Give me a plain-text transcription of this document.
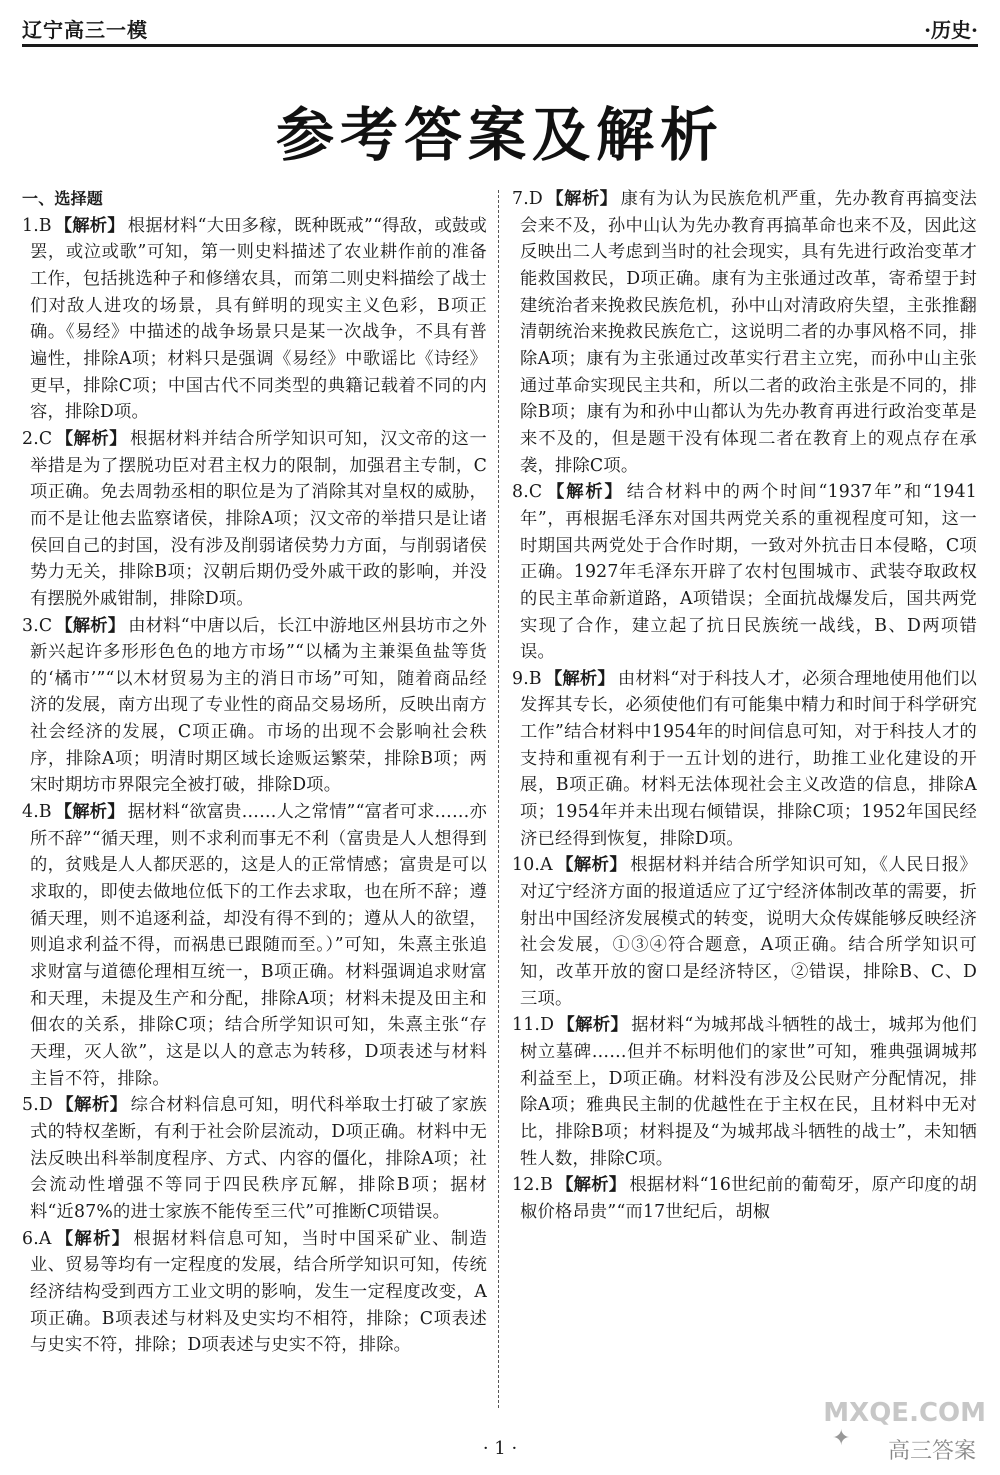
辽宁高三一模	·历史·
参考答案及解析
一、选择题
1.B 【解析】 根据材料“大田多稼，既种既戒”“得敌，或鼓或罢，或泣或歌”可知，第一则史料描述了农业耕作前的准备工作，包括挑选种子和修缮农具，而第二则史料描绘了战士们对敌人进攻的场景，具有鲜明的现实主义色彩，B项正确。《易经》中描述的战争场景只是某一次战争，不具有普遍性，排除A项；材料只是强调《易经》中歌谣比《诗经》更早，排除C项；中国古代不同类型的典籍记载着不同的内容，排除D项。
2.C 【解析】 根据材料并结合所学知识可知，汉文帝的这一举措是为了摆脱功臣对君主权力的限制，加强君主专制，C项正确。免去周勃丞相的职位是为了消除其对皇权的威胁，而不是让他去监察诸侯，排除A项；汉文帝的举措只是让诸侯回自己的封国，没有涉及削弱诸侯势力方面，与削弱诸侯势力无关，排除B项；汉朝后期仍受外戚干政的影响，并没有摆脱外戚钳制，排除D项。
3.C 【解析】 由材料“中唐以后，长江中游地区州县坊市之外新兴起许多形形色色的地方市场”“以橘为主兼渠鱼盐等货的‘橘市’”“以木材贸易为主的消日市场”可知，随着商品经济的发展，南方出现了专业性的商品交易场所，反映出南方社会经济的发展，C项正确。市场的出现不会影响社会秩序，排除A项；明清时期区域长途贩运繁荣，排除B项；两宋时期坊市界限完全被打破，排除D项。
4.B 【解析】 据材料“欲富贵……人之常情”“富者可求……亦所不辞”“循天理，则不求利而事无不利（富贵是人人想得到的，贫贱是人人都厌恶的，这是人的正常情感；富贵是可以求取的，即使去做地位低下的工作去求取，也在所不辞；遵循天理，则不追逐利益，却没有得不到的；遵从人的欲望，则追求利益不得，而祸患已跟随而至。）”可知，朱熹主张追求财富与道德伦理相互统一，B项正确。材料强调追求财富和天理，未提及生产和分配，排除A项；材料未提及田主和佃农的关系，排除C项；结合所学知识可知，朱熹主张“存天理，灭人欲”，这是以人的意志为转移，D项表述与材料主旨不符，排除。
5.D 【解析】 综合材料信息可知，明代科举取士打破了家族式的特权垄断，有利于社会阶层流动，D项正确。材料中无法反映出科举制度程序、方式、内容的僵化，排除A项；社会流动性增强不等同于四民秩序瓦解，排除B项；据材料“近87%的进士家族不能传至三代”可推断C项错误。
6.A 【解析】 根据材料信息可知，当时中国采矿业、制造业、贸易等均有一定程度的发展，结合所学知识可知，传统经济结构受到西方工业文明的影响，发生一定程度改变，A项正确。B项表述与材料及史实均不相符，排除；C项表述与史实不符，排除；D项表述与史实不符，排除。
7.D 【解析】 康有为认为民族危机严重，先办教育再搞变法会来不及，孙中山认为先办教育再搞革命也来不及，因此这反映出二人考虑到当时的社会现实，具有先进行政治变革才能救国救民，D项正确。康有为主张通过改革，寄希望于封建统治者来挽救民族危机，孙中山对清政府失望，主张推翻清朝统治来挽救民族危亡，这说明二者的办事风格不同，排除A项；康有为主张通过改革实行君主立宪，而孙中山主张通过革命实现民主共和，所以二者的政治主张是不同的，排除B项；康有为和孙中山都认为先办教育再进行政治变革是来不及的，但是题干没有体现二者在教育上的观点存在承袭，排除C项。
8.C 【解析】 结合材料中的两个时间“1937年”和“1941年”，再根据毛泽东对国共两党关系的重视程度可知，这一时期国共两党处于合作时期，一致对外抗击日本侵略，C项正确。1927年毛泽东开辟了农村包围城市、武装夺取政权的民主革命新道路，A项错误；全面抗战爆发后，国共两党实现了合作，建立起了抗日民族统一战线，B、D两项错误。
9.B 【解析】 由材料“对于科技人才，必须合理地使用他们以发挥其专长，必须使他们有可能集中精力和时间于科学研究工作”结合材料中1954年的时间信息可知，对于科技人才的支持和重视有利于一五计划的进行，助推工业化建设的开展，B项正确。材料无法体现社会主义改造的信息，排除A项；1954年并未出现右倾错误，排除C项；1952年国民经济已经得到恢复，排除D项。
10.A 【解析】 根据材料并结合所学知识可知，《人民日报》对辽宁经济方面的报道适应了辽宁经济体制改革的需要，折射出中国经济发展模式的转变，说明大众传媒能够反映经济社会发展，①③④符合题意，A项正确。结合所学知识可知，改革开放的窗口是经济特区，②错误，排除B、C、D三项。
11.D 【解析】 据材料“为城邦战斗牺牲的战士，城邦为他们树立墓碑……但并不标明他们的家世”可知，雅典强调城邦利益至上，D项正确。材料没有涉及公民财产分配情况，排除A项；雅典民主制的优越性在于主权在民，且材料中无对比，排除B项；材料提及“为城邦战斗牺牲的战士”，未知牺牲人数，排除C项。
12.B 【解析】 根据材料“16世纪前的葡萄牙，原产印度的胡椒价格昂贵”“而17世纪后，胡椒
· 1 ·
MXQE.COM
✦
高三答案
